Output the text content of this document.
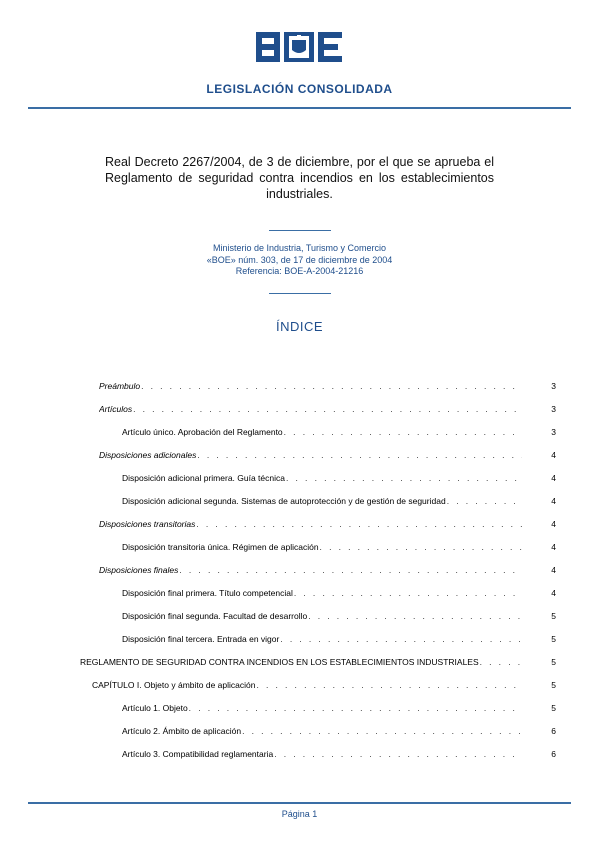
LEGISLACIÓN CONSOLIDADA
Real Decreto 2267/2004, de 3 de diciembre, por el que se aprueba el Reglamento de seguridad contra incendios en los establecimientos industriales.
Ministerio de Industria, Turismo y Comercio
«BOE» núm. 303, de 17 de diciembre de 2004
Referencia: BOE-A-2004-21216
ÍNDICE
Preámbulo . . .	3
Artículos . . .	3
Artículo único. Aprobación del Reglamento . . .	3
Disposiciones adicionales . . .	4
Disposición adicional primera. Guía técnica . . .	4
Disposición adicional segunda. Sistemas de autoprotección y de gestión de seguridad . . .	4
Disposiciones transitorias . . .	4
Disposición transitoria única. Régimen de aplicación . . .	4
Disposiciones finales . . .	4
Disposición final primera. Título competencial . . .	4
Disposición final segunda. Facultad de desarrollo . . .	5
Disposición final tercera. Entrada en vigor . . .	5
REGLAMENTO DE SEGURIDAD CONTRA INCENDIOS EN LOS ESTABLECIMIENTOS INDUSTRIALES . . .	5
CAPÍTULO I. Objeto y ámbito de aplicación . . .	5
Artículo 1. Objeto . . .	5
Artículo 2. Ámbito de aplicación . . .	6
Artículo 3. Compatibilidad reglamentaria . . .	6
Página 1
